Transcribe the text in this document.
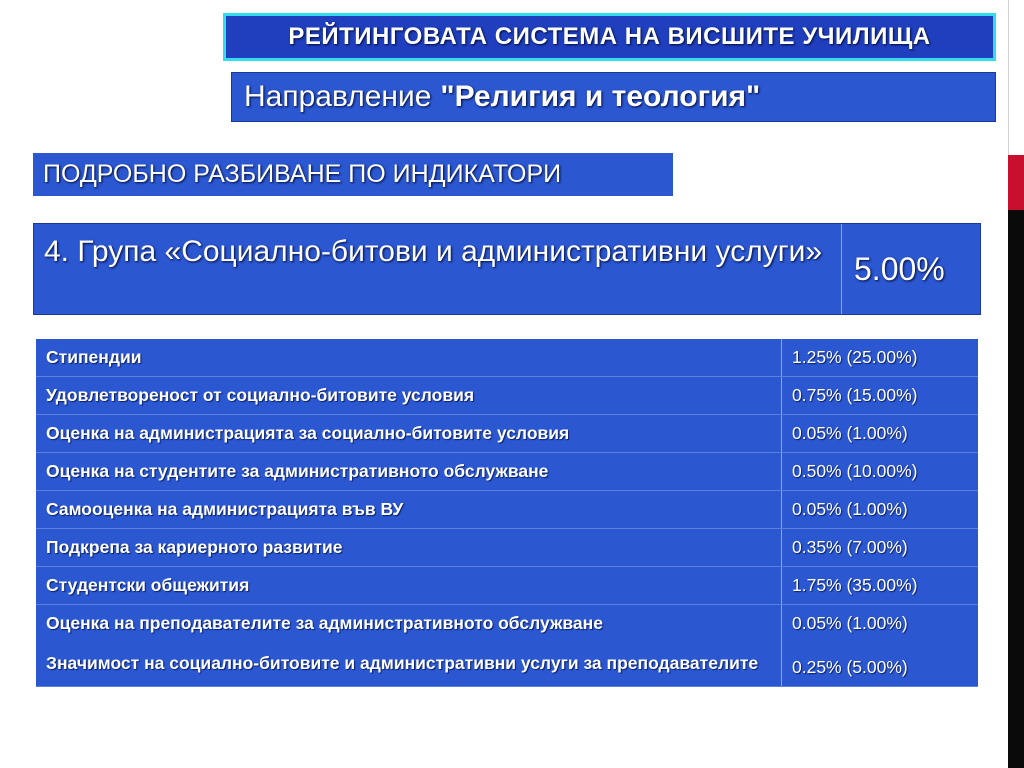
РЕЙТИНГОВАТА СИСТЕМА НА ВИСШИТЕ УЧИЛИЩА
Направление "Религия и теология"
ПОДРОБНО РАЗБИВАНЕ ПО ИНДИКАТОРИ
4. Група «Социално-битови и административни услуги» 5.00%
Стипендии	1.25% (25.00%)
Удовлетвореност от социално-битовите условия	0.75% (15.00%)
Оценка на администрацията за социално-битовите условия	0.05% (1.00%)
Оценка на студентите за административното обслужване	0.50% (10.00%)
Самооценка на администрацията във ВУ	0.05% (1.00%)
Подкрепа за кариерното развитие	0.35% (7.00%)
Студентски общежития	1.75% (35.00%)
Оценка на преподавателите за административното обслужване	0.05% (1.00%)
Значимост на социално-битовите и административни услуги за преподавателите	0.25% (5.00%)
